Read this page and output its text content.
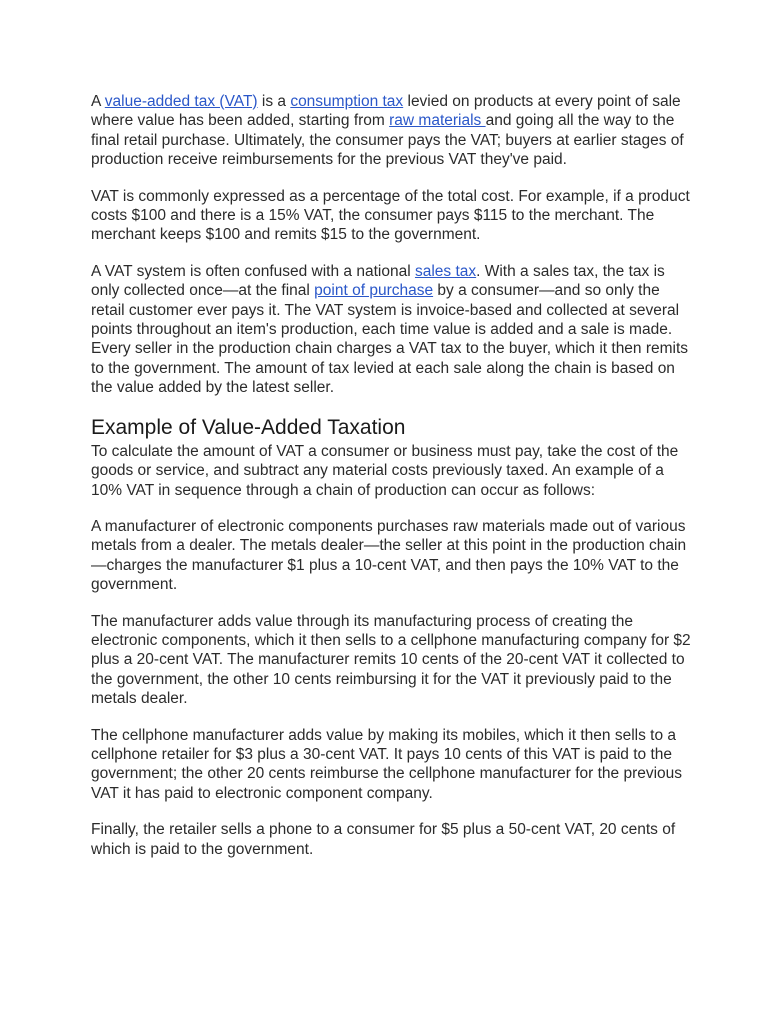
A value-added tax (VAT) is a consumption tax levied on products at every point of sale where value has been added, starting from raw materials and going all the way to the final retail purchase. Ultimately, the consumer pays the VAT; buyers at earlier stages of production receive reimbursements for the previous VAT they've paid.

VAT is commonly expressed as a percentage of the total cost. For example, if a product costs $100 and there is a 15% VAT, the consumer pays $115 to the merchant. The merchant keeps $100 and remits $15 to the government.

A VAT system is often confused with a national sales tax. With a sales tax, the tax is only collected once—at the final point of purchase by a consumer—and so only the retail customer ever pays it. The VAT system is invoice-based and collected at several points throughout an item's production, each time value is added and a sale is made. Every seller in the production chain charges a VAT tax to the buyer, which it then remits to the government. The amount of tax levied at each sale along the chain is based on the value added by the latest seller.

Example of Value-Added Taxation

To calculate the amount of VAT a consumer or business must pay, take the cost of the goods or service, and subtract any material costs previously taxed. An example of a 10% VAT in sequence through a chain of production can occur as follows:

A manufacturer of electronic components purchases raw materials made out of various metals from a dealer. The metals dealer—the seller at this point in the production chain—charges the manufacturer $1 plus a 10-cent VAT, and then pays the 10% VAT to the government.

The manufacturer adds value through its manufacturing process of creating the electronic components, which it then sells to a cellphone manufacturing company for $2 plus a 20-cent VAT. The manufacturer remits 10 cents of the 20-cent VAT it collected to the government, the other 10 cents reimbursing it for the VAT it previously paid to the metals dealer.

The cellphone manufacturer adds value by making its mobiles, which it then sells to a cellphone retailer for $3 plus a 30-cent VAT. It pays 10 cents of this VAT is paid to the government; the other 20 cents reimburse the cellphone manufacturer for the previous VAT it has paid to electronic component company.

Finally, the retailer sells a phone to a consumer for $5 plus a 50-cent VAT, 20 cents of which is paid to the government.
